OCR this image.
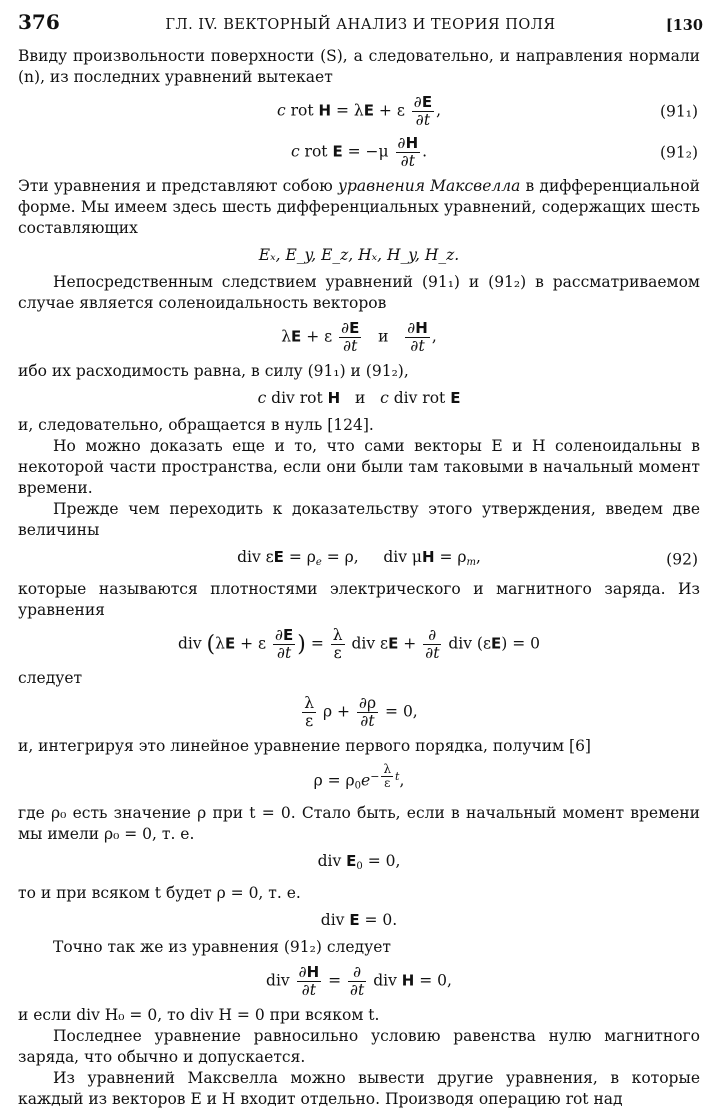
376	ГЛ. IV. ВЕКТОРНЫЙ АНАЛИЗ И ТЕОРИЯ ПОЛЯ	[ 130

Ввиду произвольности поверхности (S), а следовательно, и направления нормали (n), из последних уравнений вытекает

c rot H = λE + ε $\frac{\partial E}{\partial t}$ ,	(91₁)
c rot $E = -\mu \frac{\partial H}{\partial t}$ .	(91₂)

Эти уравнения и представляют собою уравнения Максвелла в дифференциальной форме. Мы имеем здесь шесть дифференциальных уравнений, содержащих шесть составляющих

Eₓ, E_y, E_z, Hₓ, H_y, H_z.

Непосредственным следствием уравнений (91₁) и (91₂) в рассматриваемом случае является соленоидальность векторов

λE + ε $\frac{\partial E}{\partial t}$ и $\frac{\partial H}{\partial t}$ ,

ибо их расходимость равна, в силу (91₁) и (91₂),

c div rot H   и   c div rot E

и, следовательно, обращается в нуль [124].

Но можно доказать еще и то, что сами векторы E и H соленоидальны в некоторой части пространства, если они были там таковыми в начальный момент времени.

Прежде чем переходить к доказательству этого утверждения, введем две величины

div $\varepsilon E = \rho_e = \rho$,     div $\mu H = \rho_m$,	(92)

которые называются плотностями электрического и магнитного заряда. Из уравнения

div (λE + ε $\frac{\partial E}{\partial t}$ ) = $\frac{\lambda}{\varepsilon}$ div $\varepsilon E + \frac{\partial}{\partial t}$ div (εE) = 0

следует

$\frac{\lambda}{\varepsilon}$ $\rho + \frac{\partial\rho}{\partial t} = 0$,

и, интегрируя это линейное уравнение первого порядка, получим [6]

$\rho = \rho_0e^{- \frac{\lambda}{\varepsilon} t}$,

где ρ₀ есть значение ρ при t = 0. Стало быть, если в начальный момент времени мы имели ρ₀ = 0, т. е.

div $E_0 = 0$,

то и при всяком t будет ρ = 0, т. е.

div E = 0.

Точно так же из уравнения (91₂) следует

div $\frac{\partial H}{\partial t} = \frac{\partial}{\partial t}$ div H = 0,

и если div H₀ = 0, то div H = 0 при всяком t.

Последнее уравнение равносильно условию равенства нулю магнитного заряда, что обычно и допускается.

Из уравнений Максвелла можно вывести другие уравнения, в которые каждый из векторов E и H входит отдельно. Производя операцию rot над
